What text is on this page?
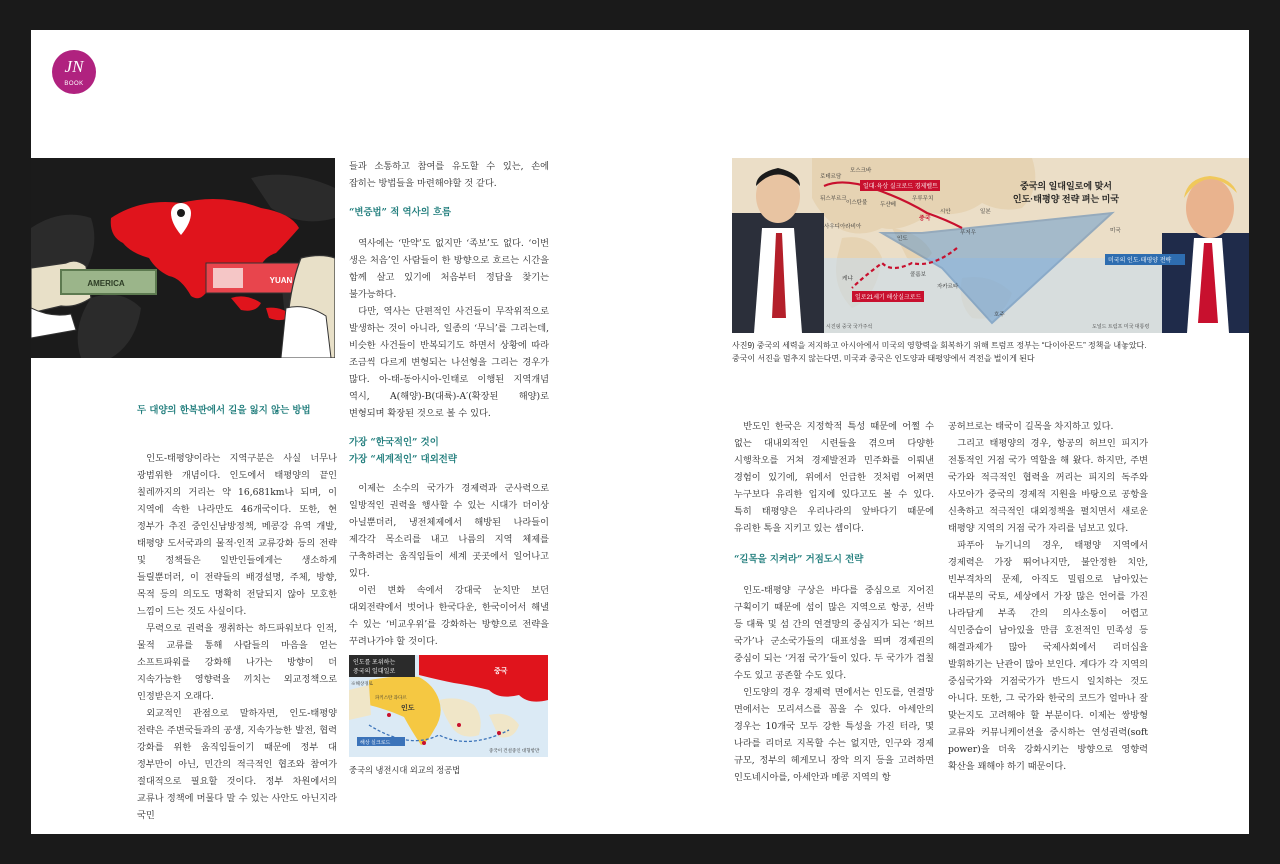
JN
BOOK
AMERICA	YUAN

두 대양의 한복판에서 길을 잃지 않는 방법

인도-태평양이라는 지역구분은 사실 너무나 광범위한 개념이다. 인도에서 태평양의 끝인 칠레까지의 거리는 약 16,681km나 되며, 이 지역에 속한 나라만도 46개국이다. 또한, 현 정부가 추진 중인신남방정책, 메콩강 유역 개발, 태평양 도서국과의 물적·인적 교류강화 등의 전략 및 정책들은 일반인들에게는 생소하게 들릴뿐더러, 이 전략들의 배경설명, 주체, 방향, 목적 등의 의도도 명확히 전달되지 않아 모호한 느낌이 드는 것도 사실이다.

무력으로 권력을 쟁취하는 하드파워보다 인적, 물적 교류를 통해 사람들의 마음을 얻는 소프트파워를 강화해 나가는 방향이 더 지속가능한 영향력을 끼치는 외교정책으로 인정받은지 오래다.

외교적인 관점으로 말하자면, 인도-태평양 전략은 주변국들과의 공생, 지속가능한 발전, 협력 강화를 위한 움직임들이기 때문에 정부 대 정부만이 아닌, 민간의 적극적인 협조와 참여가 절대적으로 필요할 것이다. 정부 차원에서의 교류나 정책에 머물다 말 수 있는 사안도 아닌지라 국민

들과 소통하고 참여를 유도할 수 있는, 손에 잡히는 방법들을 마련해야할 것 같다.

“변증법” 적 역사의 흐름

역사에는 ‘만약’도 없지만 ‘족보’도 없다. ‘이번 생은 처음’인 사람들이 한 방향으로 흐르는 시간을 함께 살고 있기에 처음부터 정답을 찾기는 불가능하다.

다만, 역사는 단편적인 사건들이 무작위적으로 발생하는 것이 아니라, 일종의 ‘무늬’를 그리는데, 비슷한 사건들이 반복되기도 하면서 상황에 따라 조금씩 다르게 변형되는 나선형을 그리는 경우가 많다. 아-태-동아시아-인태로 이행된 지역개념 역시, A(해양)-B(대륙)-A′(확장된 해양)로 변형되며 확장된 것으로 볼 수 있다.

가장 “한국적인” 것이

가장 “세계적인” 대외전략

이제는 소수의 국가가 경제력과 군사력으로 일방적인 권력을 행사할 수 있는 시대가 더이상 아닐뿐더러, 냉전체제에서 해방된 나라들이 제각각 목소리를 내고 나름의 지역 체제를 구축하려는 움직임들이 세계 곳곳에서 일어나고 있다.

이런 변화 속에서 강대국 눈치만 보던 대외전략에서 벗어나 한국다운, 한국이어서 해낼 수 있는 ‘비교우위’를 강화하는 방향으로 전략을 꾸려나가야 할 것이다.

인도를 포위하는
중국의 일대일로
※해상경로
중국
인도
파키스탄 과다르
해상 실크로드
중국이 건설중인 대형항만
중국의 냉전시대 외교의 정공법
중국의 일대일로에 맞서
인도·태평양 전략 펴는 미국
일대·육상 실크로드 경제벨트
일로21세기 해상실크로드
미국의 인도·태평양 전략
로테르담
모스크바
뒤스부르크
이스탄불 두샨베
우루무치
시안	일본
미국
중국
인도
푸저우
콜롬보
케냐
자카르타
호주
사우디아라비아
시진핑 중국 국가주석	도널드 트럼프 미국 대통령
사진9) 중국의 세력을 저지하고 아시아에서 미국의 영향력을 회복하기 위해 트럼프 정부는 “다이아몬드” 정책을 내놓았다.
중국이 서진을 멈추지 않는다면, 미국과 중국은 인도양과 태평양에서 격전을 벌이게 된다

반도인 한국은 지정학적 특성 때문에 어쩔 수 없는 대내외적인 시련들을 겪으며 다양한 시행착오를 거쳐 경제발전과 민주화를 이뤄낸 경험이 있기에, 위에서 언급한 것처럼 어쩌면 누구보다 유리한 입지에 있다고도 볼 수 있다. 특히 태평양은 우리나라의 앞바다기 때문에 유리한 톡을 지키고 있는 셈이다.

“길목을 지켜라” 거점도시 전략

인도-태평양 구상은 바다를 중심으로 지어진 구획이기 때문에 섬이 많은 지역으로 항공, 선박 등 대륙 및 섬 간의 연결망의 중심지가 되는 ‘허브 국가’나 군소국가들의 대표성을 띄며 경제권의 중심이 되는 ‘거점 국가’들이 있다. 두 국가가 겹칠 수도 있고 공존할 수도 있다.

인도양의 경우 경제력 면에서는 인도를, 연결망 면에서는 모리셔스를 꼽을 수 있다. 아세안의 경우는 10개국 모두 강한 특성을 가진 터라, 몇 나라를 리더로 지목할 수는 없지만, 인구와 경제 규모, 정부의 헤게모니 장악 의지 등을 고려하면 인도네시아를, 아세안과 메콩 지역의 항

공허브로는 태국이 길목을 차지하고 있다.

그리고 태평양의 경우, 항공의 허브인 피지가 전통적인 거점 국가 역할을 해 왔다. 하지만, 주변 국가와 적극적인 협력을 꺼리는 피지의 독주와 사모아가 중국의 경제적 지원을 바탕으로 공항을 신축하고 적극적인 대외정책을 펼치면서 새로운 태평양 지역의 거점 국가 자리를 넘보고 있다.

파푸아 뉴기니의 경우, 태평양 지역에서 경제력은 가장 뛰어나지만, 불안정한 치안, 빈부격차의 문제, 아직도 밀림으로 남아있는 대부분의 국토, 세상에서 가장 많은 언어를 가진 나라답게 부족 간의 의사소통이 어렵고 식민중습이 남아있을 만큼 호전적인 민족성 등 해결과제가 많아 국제사회에서 리더십을 발휘하기는 난관이 많아 보인다. 게다가 각 지역의 중심국가와 거점국가가 반드시 일치하는 것도 아니다. 또한, 그 국가와 한국의 코드가 얼마나 잘 맞는지도 고려해야 할 부분이다. 이제는 쌍방형 교류와 커뮤니케이션을 중시하는 연성권력(soft power)을 더욱 강화시키는 방향으로 영향력 확산을 꽤해야 하기 때문이다.
